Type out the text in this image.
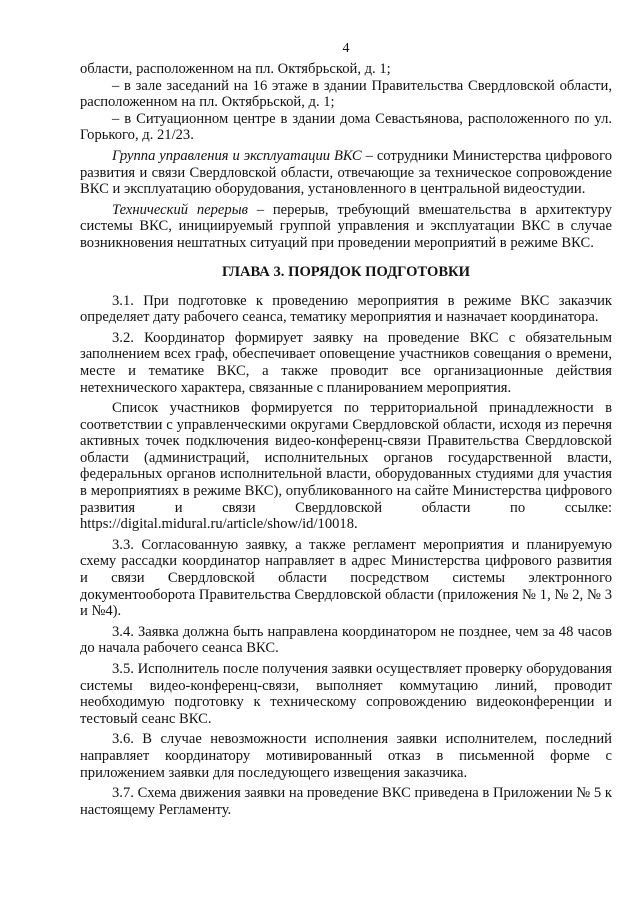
4

области, расположенном на пл. Октябрьской, д. 1;

– в зале заседаний на 16 этаже в здании Правительства Свердловской области, расположенном на пл. Октябрьской, д. 1;

– в Ситуационном центре в здании дома Севастьянова, расположенного по ул. Горького, д. 21/23.

Группа управления и эксплуатации ВКС – сотрудники Министерства цифрового развития и связи Свердловской области, отвечающие за техническое сопровождение ВКС и эксплуатацию оборудования, установленного в центральной видеостудии.

Технический перерыв – перерыв, требующий вмешательства в архитектуру системы ВКС, инициируемый группой управления и эксплуатации ВКС в случае возникновения нештатных ситуаций при проведении мероприятий в режиме ВКС.

ГЛАВА 3. ПОРЯДОК ПОДГОТОВКИ

3.1. При подготовке к проведению мероприятия в режиме ВКС заказчик определяет дату рабочего сеанса, тематику мероприятия и назначает координатора.

3.2. Координатор формирует заявку на проведение ВКС с обязательным заполнением всех граф, обеспечивает оповещение участников совещания о времени, месте и тематике ВКС, а также проводит все организационные действия нетехнического характера, связанные с планированием мероприятия.

Список участников формируется по территориальной принадлежности в соответствии с управленческими округами Свердловской области, исходя из перечня активных точек подключения видео-конференц-связи Правительства Свердловской области (администраций, исполнительных органов государственной власти, федеральных органов исполнительной власти, оборудованных студиями для участия в мероприятиях в режиме ВКС), опубликованного на сайте Министерства цифрового развития и связи Свердловской области по ссылке: https://digital.midural.ru/article/show/id/10018.

3.3. Согласованную заявку, а также регламент мероприятия и планируемую схему рассадки координатор направляет в адрес Министерства цифрового развития и связи Свердловской области посредством системы электронного документооборота Правительства Свердловской области (приложения № 1, № 2, № 3 и №4).

3.4. Заявка должна быть направлена координатором не позднее, чем за 48 часов до начала рабочего сеанса ВКС.

3.5. Исполнитель после получения заявки осуществляет проверку оборудования системы видео-конференц-связи, выполняет коммутацию линий, проводит необходимую подготовку к техническому сопровождению видеоконференции и тестовый сеанс ВКС.

3.6. В случае невозможности исполнения заявки исполнителем, последний направляет координатору мотивированный отказ в письменной форме с приложением заявки для последующего извещения заказчика.

3.7. Схема движения заявки на проведение ВКС приведена в Приложении № 5 к настоящему Регламенту.
